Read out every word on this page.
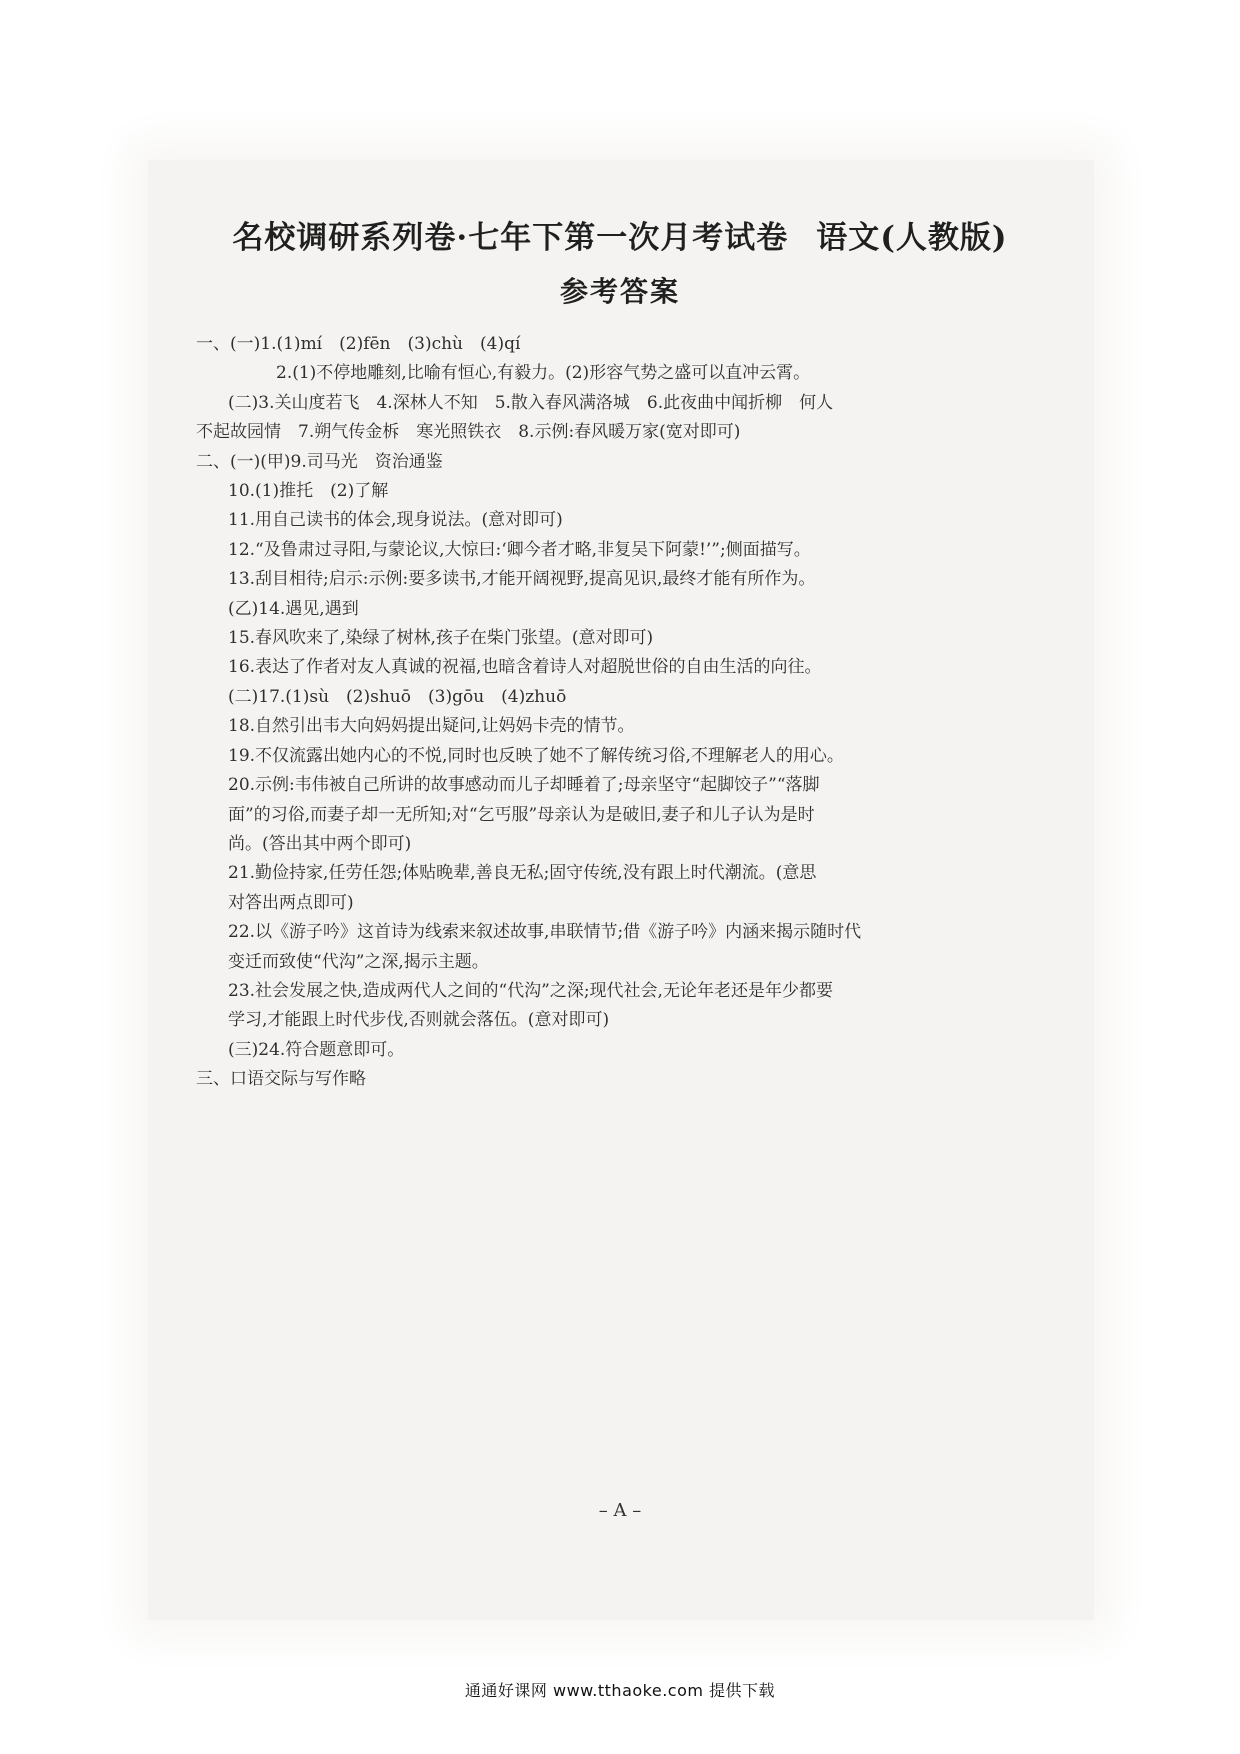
名校调研系列卷·七年下第一次月考试卷 语文(人教版)
参考答案
一、(一)1.(1)mí　(2)fēn　(3)chù　(4)qí
2.(1)不停地雕刻,比喻有恒心,有毅力。(2)形容气势之盛可以直冲云霄。
(二)3.关山度若飞　4.深林人不知　5.散入春风满洛城　6.此夜曲中闻折柳　何人
不起故园情　7.朔气传金柝　寒光照铁衣　8.示例:春风暖万家(宽对即可)
二、(一)(甲)9.司马光　资治通鉴
10.(1)推托　(2)了解
11.用自己读书的体会,现身说法。(意对即可)
12.“及鲁肃过寻阳,与蒙论议,大惊曰:‘卿今者才略,非复吴下阿蒙!’”;侧面描写。
13.刮目相待;启示:示例:要多读书,才能开阔视野,提高见识,最终才能有所作为。
(乙)14.遇见,遇到
15.春风吹来了,染绿了树林,孩子在柴门张望。(意对即可)
16.表达了作者对友人真诚的祝福,也暗含着诗人对超脱世俗的自由生活的向往。
(二)17.(1)sù　(2)shuō　(3)gōu　(4)zhuō
18.自然引出韦大向妈妈提出疑问,让妈妈卡壳的情节。
19.不仅流露出她内心的不悦,同时也反映了她不了解传统习俗,不理解老人的用心。
20.示例:韦伟被自己所讲的故事感动而儿子却睡着了;母亲坚守“起脚饺子”“落脚
面”的习俗,而妻子却一无所知;对“乞丐服”母亲认为是破旧,妻子和儿子认为是时
尚。(答出其中两个即可)
21.勤俭持家,任劳任怨;体贴晚辈,善良无私;固守传统,没有跟上时代潮流。(意思
对答出两点即可)
22.以《游子吟》这首诗为线索来叙述故事,串联情节;借《游子吟》内涵来揭示随时代
变迁而致使“代沟”之深,揭示主题。
23.社会发展之快,造成两代人之间的“代沟”之深;现代社会,无论年老还是年少都要
学习,才能跟上时代步伐,否则就会落伍。(意对即可)
(三)24.符合题意即可。
三、口语交际与写作略
– A –
通通好课网 www.tthaoke.com 提供下载
